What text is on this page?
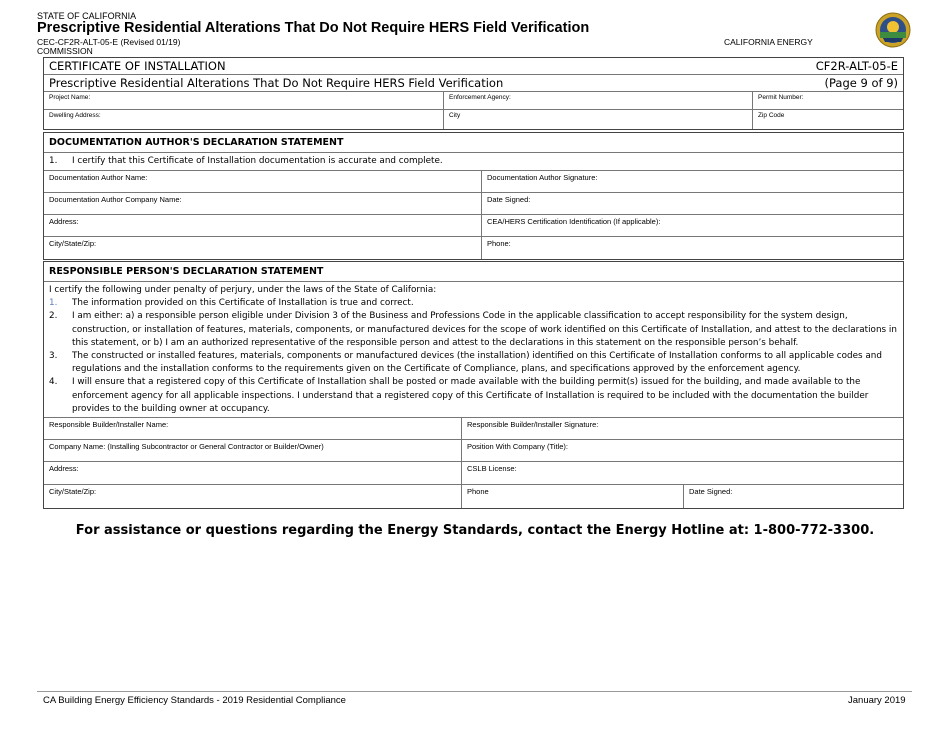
STATE OF CALIFORNIA
Prescriptive Residential Alterations That Do Not Require HERS Field Verification
CEC-CF2R-ALT-05-E (Revised 01/19)
COMMISSION
CALIFORNIA ENERGY
CERTIFICATE OF INSTALLATION	CF2R-ALT-05-E
Prescriptive Residential Alterations That Do Not Require HERS Field Verification	(Page 9 of 9)
Project Name:	Enforcement Agency:	Permit Number:
Dwelling Address:	City	Zip Code
DOCUMENTATION AUTHOR'S DECLARATION STATEMENT
1.	I certify that this Certificate of Installation documentation is accurate and complete.
Documentation Author Name:	Documentation Author Signature:
Documentation Author Company Name:	Date Signed:
Address:	CEA/HERS Certification Identification (If applicable):
City/State/Zip:	Phone:
RESPONSIBLE PERSON'S DECLARATION STATEMENT
I certify the following under penalty of perjury, under the laws of the State of California:
1.	The information provided on this Certificate of Installation is true and correct.
2.	I am either: a) a responsible person eligible under Division 3 of the Business and Professions Code in the applicable classification to accept responsibility for the system design, construction, or installation of features, materials, components, or manufactured devices for the scope of work identified on this Certificate of Installation, and attest to the declarations in this statement, or b) I am an authorized representative of the responsible person and attest to the declarations in this statement on the responsible person’s behalf.
3.	The constructed or installed features, materials, components or manufactured devices (the installation) identified on this Certificate of Installation conforms to all applicable codes and regulations and the installation conforms to the requirements given on the Certificate of Compliance, plans, and specifications approved by the enforcement agency.
4.	I will ensure that a registered copy of this Certificate of Installation shall be posted or made available with the building permit(s) issued for the building, and made available to the enforcement agency for all applicable inspections. I understand that a registered copy of this Certificate of Installation is required to be included with the documentation the builder provides to the building owner at occupancy.
Responsible Builder/Installer Name:	Responsible Builder/Installer Signature:
Company Name: (Installing Subcontractor or General Contractor or Builder/Owner)	Position With Company (Title):
Address:	CSLB License:
City/State/Zip:	Phone	Date Signed:
For assistance or questions regarding the Energy Standards, contact the Energy Hotline at: 1-800-772-3300.
CA Building Energy Efficiency Standards - 2019 Residential Compliance	January 2019
